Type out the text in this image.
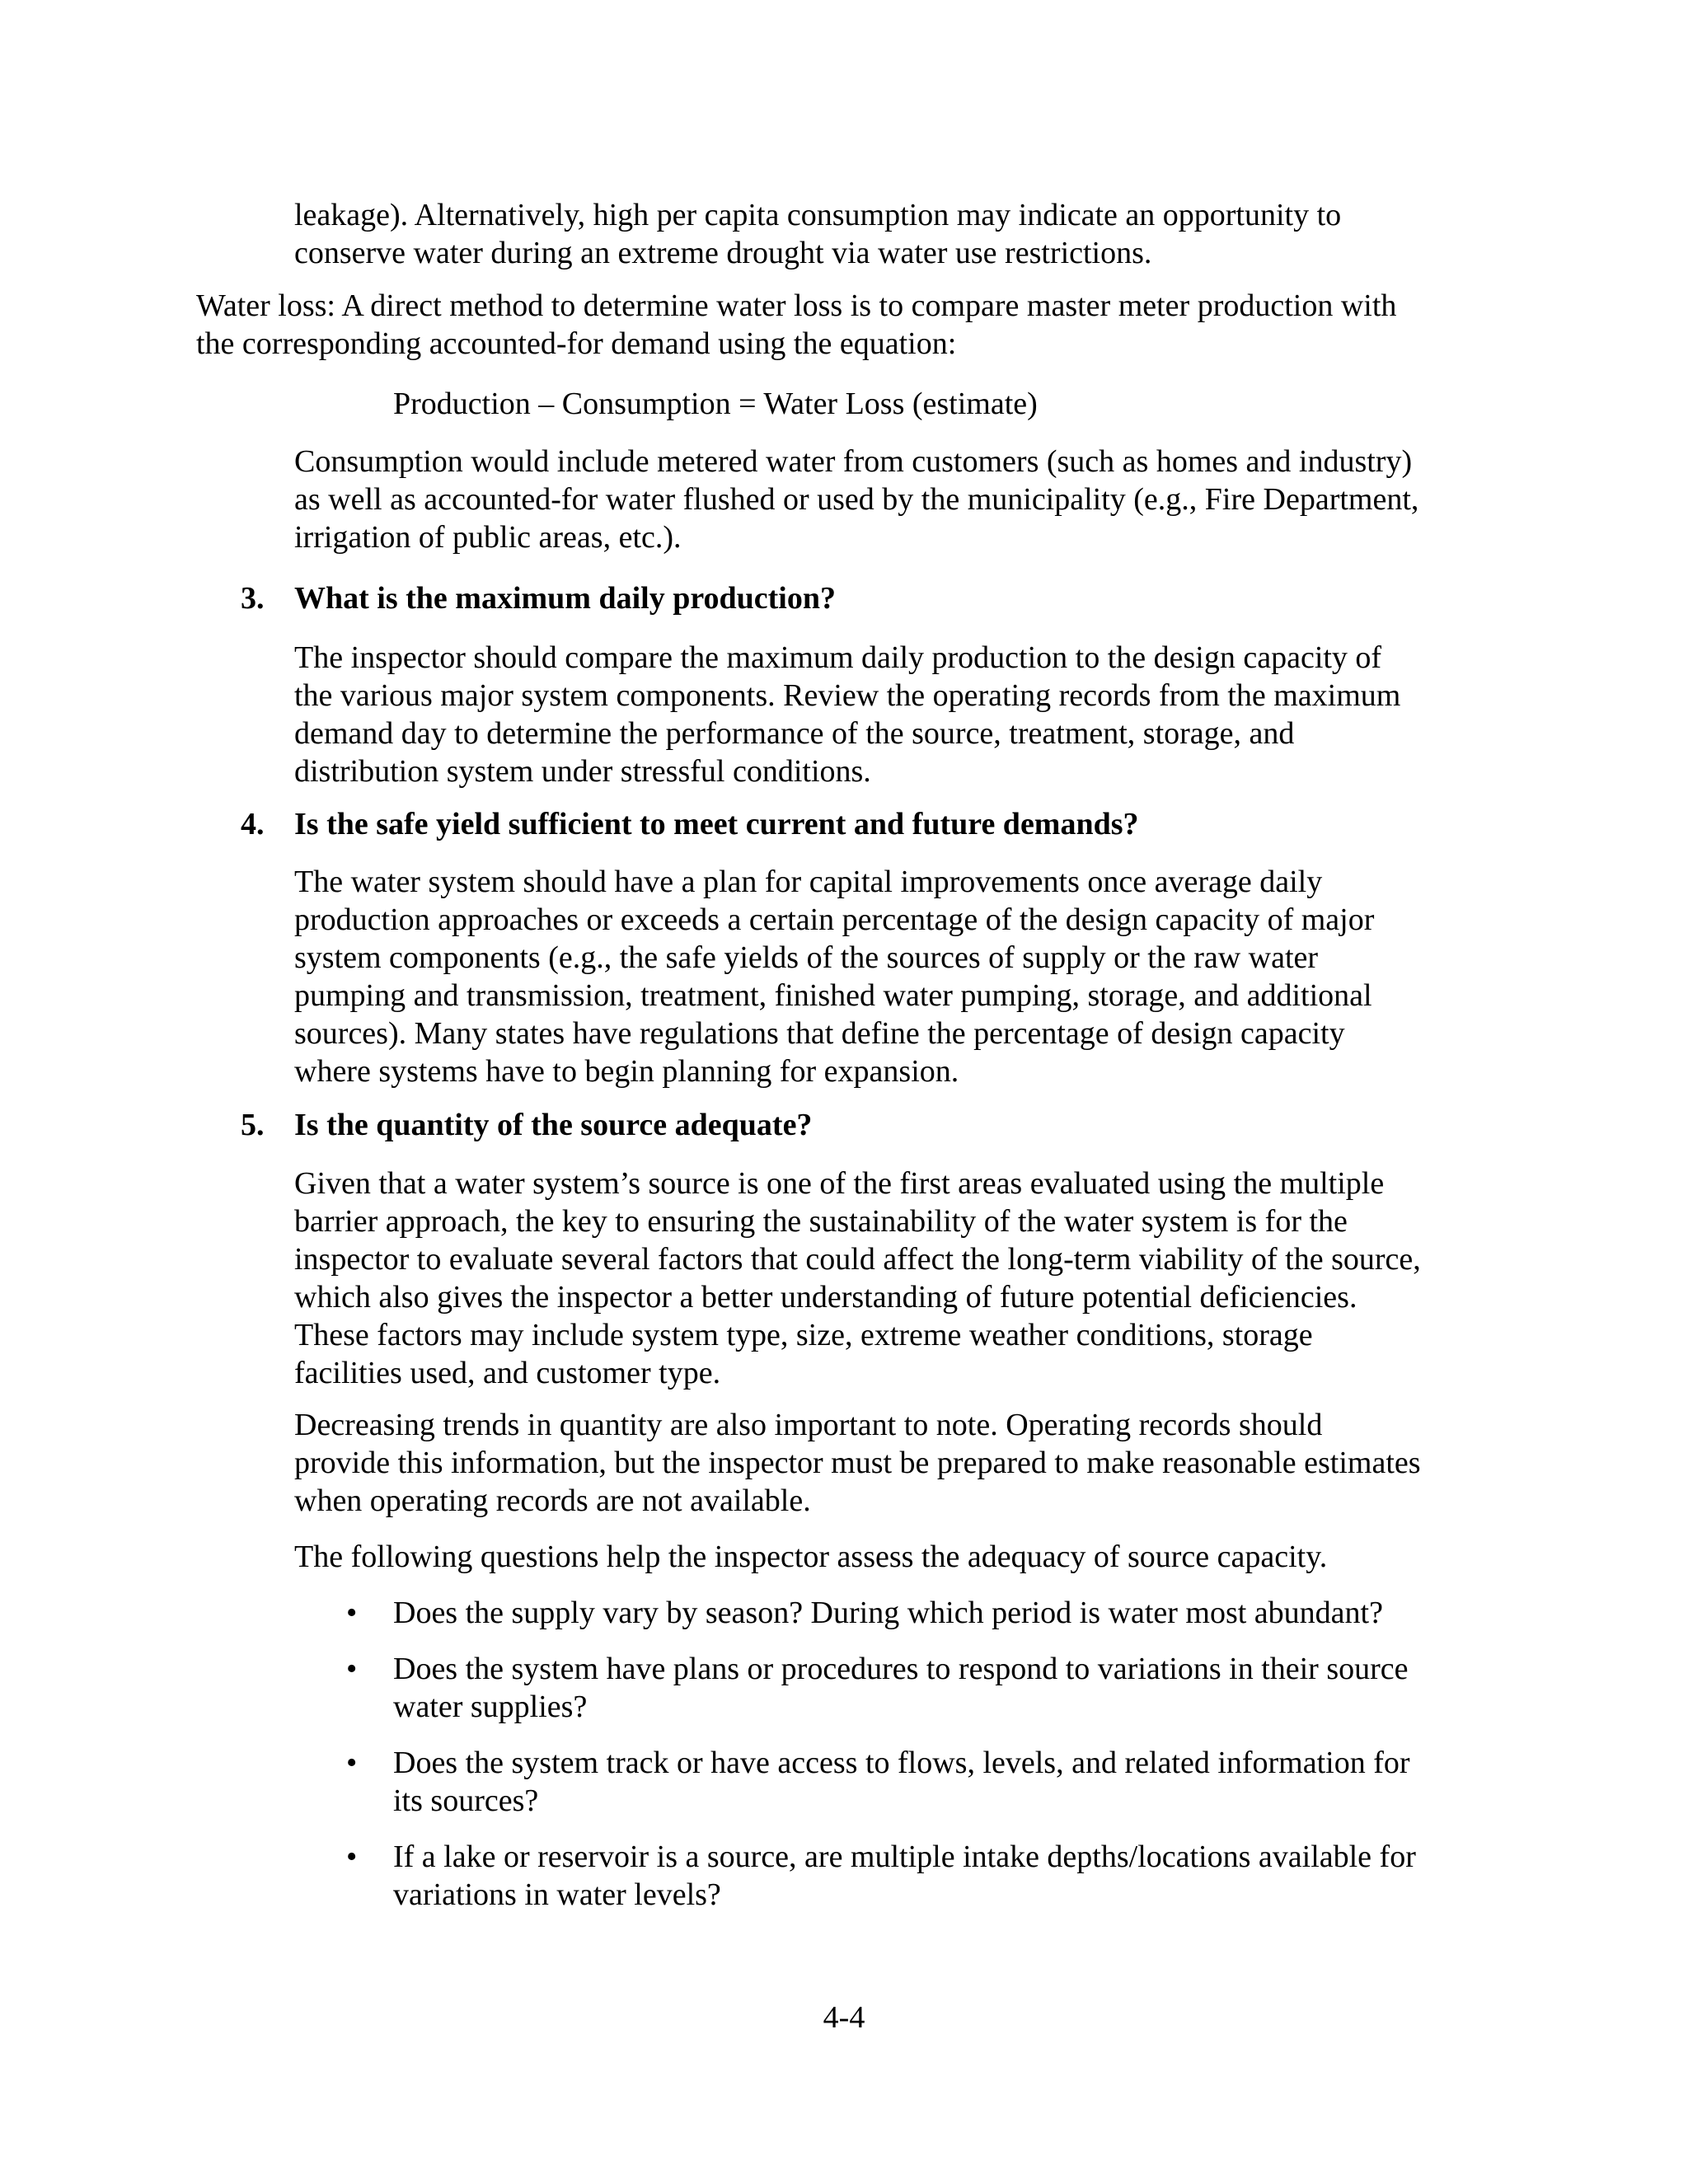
leakage). Alternatively, high per capita consumption may indicate an opportunity to

conserve water during an extreme drought via water use restrictions.

Water loss: A direct method to determine water loss is to compare master meter production with

the corresponding accounted-for demand using the equation:

Production – Consumption = Water Loss (estimate)

Consumption would include metered water from customers (such as homes and industry)

as well as accounted-for water flushed or used by the municipality (e.g., Fire Department,

irrigation of public areas, etc.).

3. What is the maximum daily production?

The inspector should compare the maximum daily production to the design capacity of

the various major system components. Review the operating records from the maximum

demand day to determine the performance of the source, treatment, storage, and

distribution system under stressful conditions.

4. Is the safe yield sufficient to meet current and future demands?

The water system should have a plan for capital improvements once average daily

production approaches or exceeds a certain percentage of the design capacity of major

system components (e.g., the safe yields of the sources of supply or the raw water

pumping and transmission, treatment, finished water pumping, storage, and additional

sources). Many states have regulations that define the percentage of design capacity

where systems have to begin planning for expansion.

5. Is the quantity of the source adequate?

Given that a water system’s source is one of the first areas evaluated using the multiple

barrier approach, the key to ensuring the sustainability of the water system is for the

inspector to evaluate several factors that could affect the long-term viability of the source,

which also gives the inspector a better understanding of future potential deficiencies.

These factors may include system type, size, extreme weather conditions, storage

facilities used, and customer type.

Decreasing trends in quantity are also important to note. Operating records should

provide this information, but the inspector must be prepared to make reasonable estimates

when operating records are not available.

The following questions help the inspector assess the adequacy of source capacity.

• Does the supply vary by season? During which period is water most abundant?

• Does the system have plans or procedures to respond to variations in their source

water supplies?

• Does the system track or have access to flows, levels, and related information for

its sources?

• If a lake or reservoir is a source, are multiple intake depths/locations available for

variations in water levels?

4-4
